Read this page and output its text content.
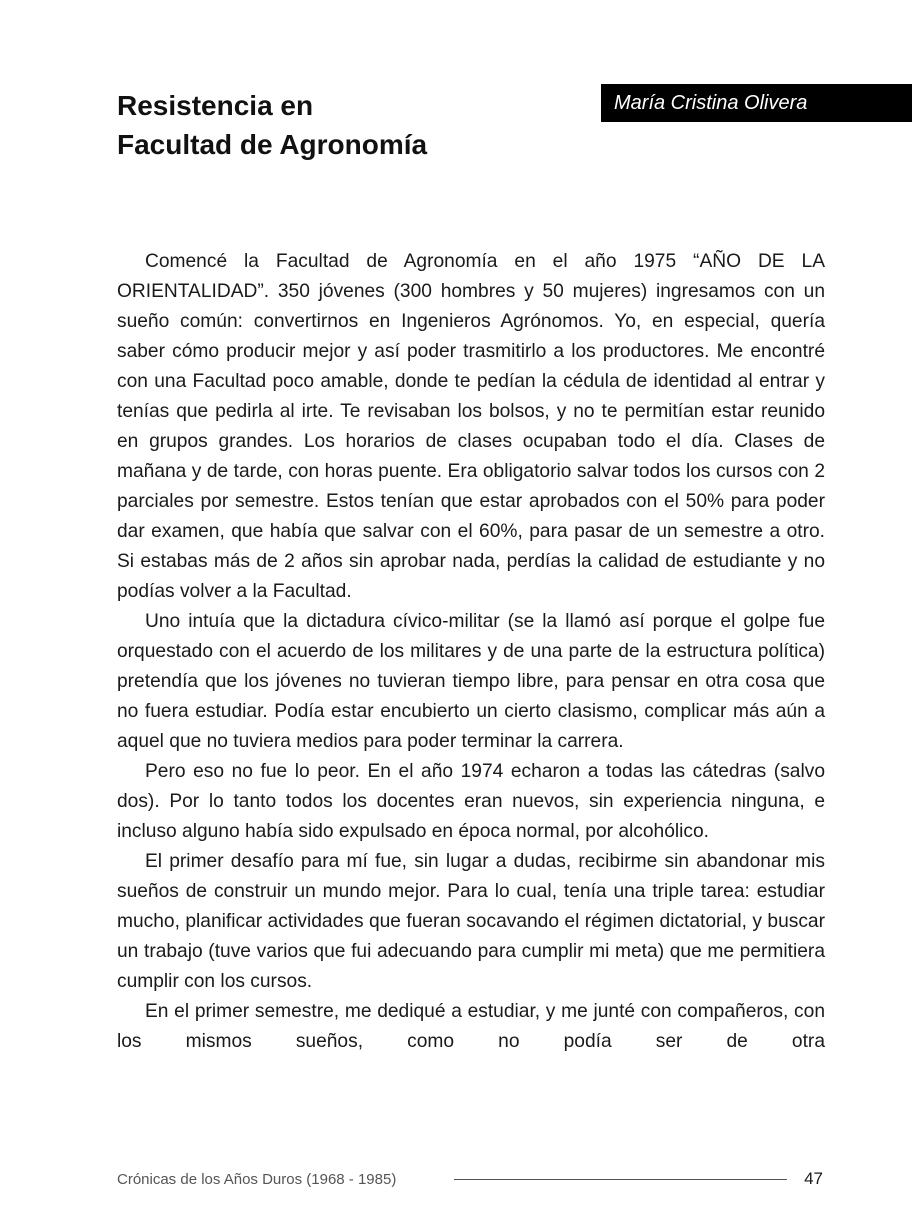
Resistencia en
Facultad de Agronomía
María Cristina Olivera

Comencé la Facultad de Agronomía en el año 1975 “AÑO DE LA ORIENTALIDAD”. 350 jóvenes (300 hombres y 50 mujeres) ingresamos con un sueño común: convertirnos en Ingenieros Agrónomos. Yo, en especial, quería saber cómo producir mejor y así poder trasmitirlo a los productores. Me encontré con una Facultad poco amable, donde te pedían la cédula de identidad al entrar y tenías que pedirla al irte. Te revisaban los bolsos, y no te permitían estar reunido en grupos grandes. Los horarios de clases ocupaban todo el día. Clases de mañana y de tarde, con horas puente. Era obligatorio salvar todos los cursos con 2 parciales por semestre. Estos tenían que estar aprobados con el 50% para poder dar examen, que había que salvar con el 60%, para pasar de un semestre a otro. Si estabas más de 2 años sin aprobar nada, perdías la calidad de estudiante y no podías volver a la Facultad.

Uno intuía que la dictadura cívico-militar (se la llamó así porque el golpe fue orquestado con el acuerdo de los militares y de una parte de la estructura política) pretendía que los jóvenes no tuvieran tiempo libre, para pensar en otra cosa que no fuera estudiar. Podía estar encubierto un cierto clasismo, complicar más aún a aquel que no tuviera medios para poder terminar la carrera.

Pero eso no fue lo peor. En el año 1974 echaron a todas las cátedras (salvo dos). Por lo tanto todos los docentes eran nuevos, sin experiencia ninguna, e incluso alguno había sido expulsado en época normal, por alcohólico.

El primer desafío para mí fue, sin lugar a dudas, recibirme sin abandonar mis sueños de construir un mundo mejor. Para lo cual, tenía una triple tarea: estudiar mucho, planificar actividades que fueran socavando el régimen dictatorial, y buscar un trabajo (tuve varios que fui adecuando para cumplir mi meta) que me permitiera cumplir con los cursos.

En el primer semestre, me dediqué a estudiar, y me junté con compañeros, con los mismos sueños, como no podía ser de otra

Crónicas de los Años Duros (1968 - 1985)	47
